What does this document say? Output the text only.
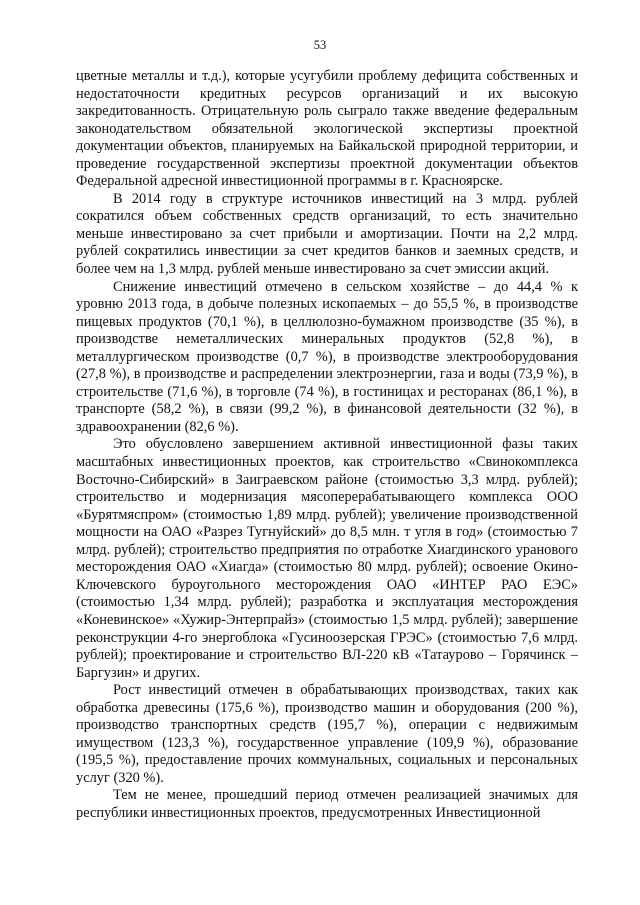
53

цветные металлы и т.д.), которые усугубили проблему дефицита собственных и недостаточности кредитных ресурсов организаций и их высокую закредитованность. Отрицательную роль сыграло также введение федеральным законодательством обязательной экологической экспертизы проектной документации объектов, планируемых на Байкальской природной территории, и проведение государственной экспертизы проектной документации объектов Федеральной адресной инвестиционной программы в г. Красноярске.

В 2014 году в структуре источников инвестиций на 3 млрд. рублей сократился объем собственных средств организаций, то есть значительно меньше инвестировано за счет прибыли и амортизации. Почти на 2,2 млрд. рублей сократились инвестиции за счет кредитов банков и заемных средств, и более чем на 1,3 млрд. рублей меньше инвестировано за счет эмиссии акций.

Снижение инвестиций отмечено в сельском хозяйстве – до 44,4 % к уровню 2013 года, в добыче полезных ископаемых – до 55,5 %, в производстве пищевых продуктов (70,1 %), в целлюлозно-бумажном производстве (35 %), в производстве неметаллических минеральных продуктов (52,8 %), в металлургическом производстве (0,7 %), в производстве электрооборудования (27,8 %), в производстве и распределении электроэнергии, газа и воды (73,9 %), в строительстве (71,6 %), в торговле (74 %), в гостиницах и ресторанах (86,1 %), в транспорте (58,2 %), в связи (99,2 %), в финансовой деятельности (32 %), в здравоохранении (82,6 %).

Это обусловлено завершением активной инвестиционной фазы таких масштабных инвестиционных проектов, как строительство «Свинокомплекса Восточно-Сибирский» в Заиграевском районе (стоимостью 3,3 млрд. рублей); строительство и модернизация мясоперерабатывающего комплекса ООО «Бурятмяспром» (стоимостью 1,89 млрд. рублей); увеличение производственной мощности на ОАО «Разрез Тугнуйский» до 8,5 млн. т угля в год» (стоимостью 7 млрд. рублей); строительство предприятия по отработке Хиагдинского уранового месторождения ОАО «Хиагда» (стоимостью 80 млрд. рублей); освоение Окино-Ключевского буроугольного месторождения ОАО «ИНТЕР РАО ЕЭС» (стоимостью 1,34 млрд. рублей); разработка и эксплуатация месторождения «Коневинское» «Хужир-Энтерпрайз» (стоимостью 1,5 млрд. рублей); завершение реконструкции 4-го энергоблока «Гусиноозерская ГРЭС» (стоимостью 7,6 млрд. рублей); проектирование и строительство ВЛ-220 кВ «Татаурово – Горячинск – Баргузин» и других.

Рост инвестиций отмечен в обрабатывающих производствах, таких как обработка древесины (175,6 %), производство машин и оборудования (200 %), производство транспортных средств (195,7 %), операции с недвижимым имуществом (123,3 %), государственное управление (109,9 %), образование (195,5 %), предоставление прочих коммунальных, социальных и персональных услуг (320 %).

Тем не менее, прошедший период отмечен реализацией значимых для республики инвестиционных проектов, предусмотренных Инвестиционной
